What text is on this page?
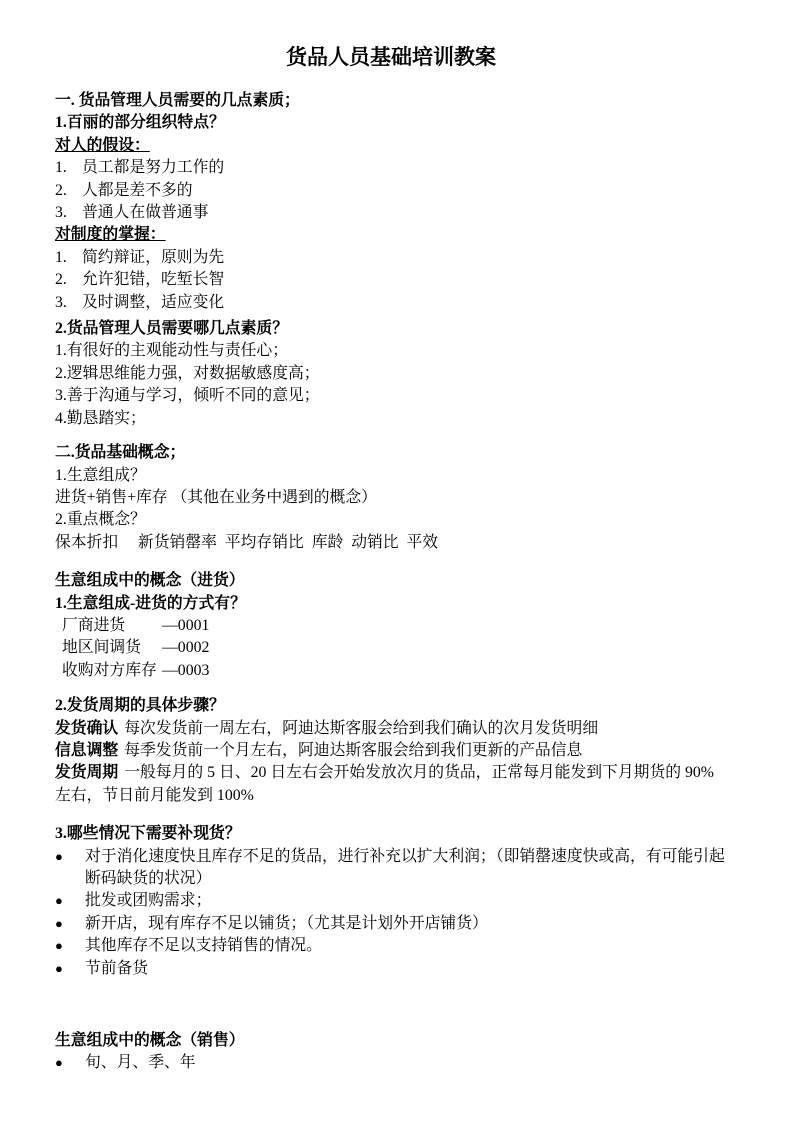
货品人员基础培训教案

一. 货品管理人员需要的几点素质；

1.百丽的部分组织特点？

对人的假设：

1. 员工都是努力工作的
2. 人都是差不多的
3. 普通人在做普通事

对制度的掌握：

1. 简约辩证，原则为先
2. 允许犯错，吃堑长智
3. 及时调整，适应变化

2.货品管理人员需要哪几点素质？

1.有很好的主观能动性与责任心；

2.逻辑思维能力强，对数据敏感度高；

3.善于沟通与学习，倾听不同的意见；

4.勤恳踏实；

二.货品基础概念；

1.生意组成？

进货+销售+库存 （其他在业务中遇到的概念）

2.重点概念？

保本折扣　 新货销罄率  平均存销比  库龄  动销比  平效

生意组成中的概念（进货）

1.生意组成-进货的方式有？

厂商进货 —0001
地区间调货 —0002
收购对方库存 —0003

2.发货周期的具体步骤？

发货确认 每次发货前一周左右，阿迪达斯客服会给到我们确认的次月发货明细

信息调整 每季发货前一个月左右，阿迪达斯客服会给到我们更新的产品信息

发货周期 一般每月的 5 日、20 日左右会开始发放次月的货品，正常每月能发到下月期货的 90%左右，节日前月能发到 100%

3.哪些情况下需要补现货？

● 对于消化速度快且库存不足的货品，进行补充以扩大利润；（即销罄速度快或高，有可能引起断码缺货的状况）
● 批发或团购需求；
● 新开店，现有库存不足以铺货；（尤其是计划外开店铺货）
● 其他库存不足以支持销售的情况。
● 节前备货

生意组成中的概念（销售）

● 旬、月、季、年
